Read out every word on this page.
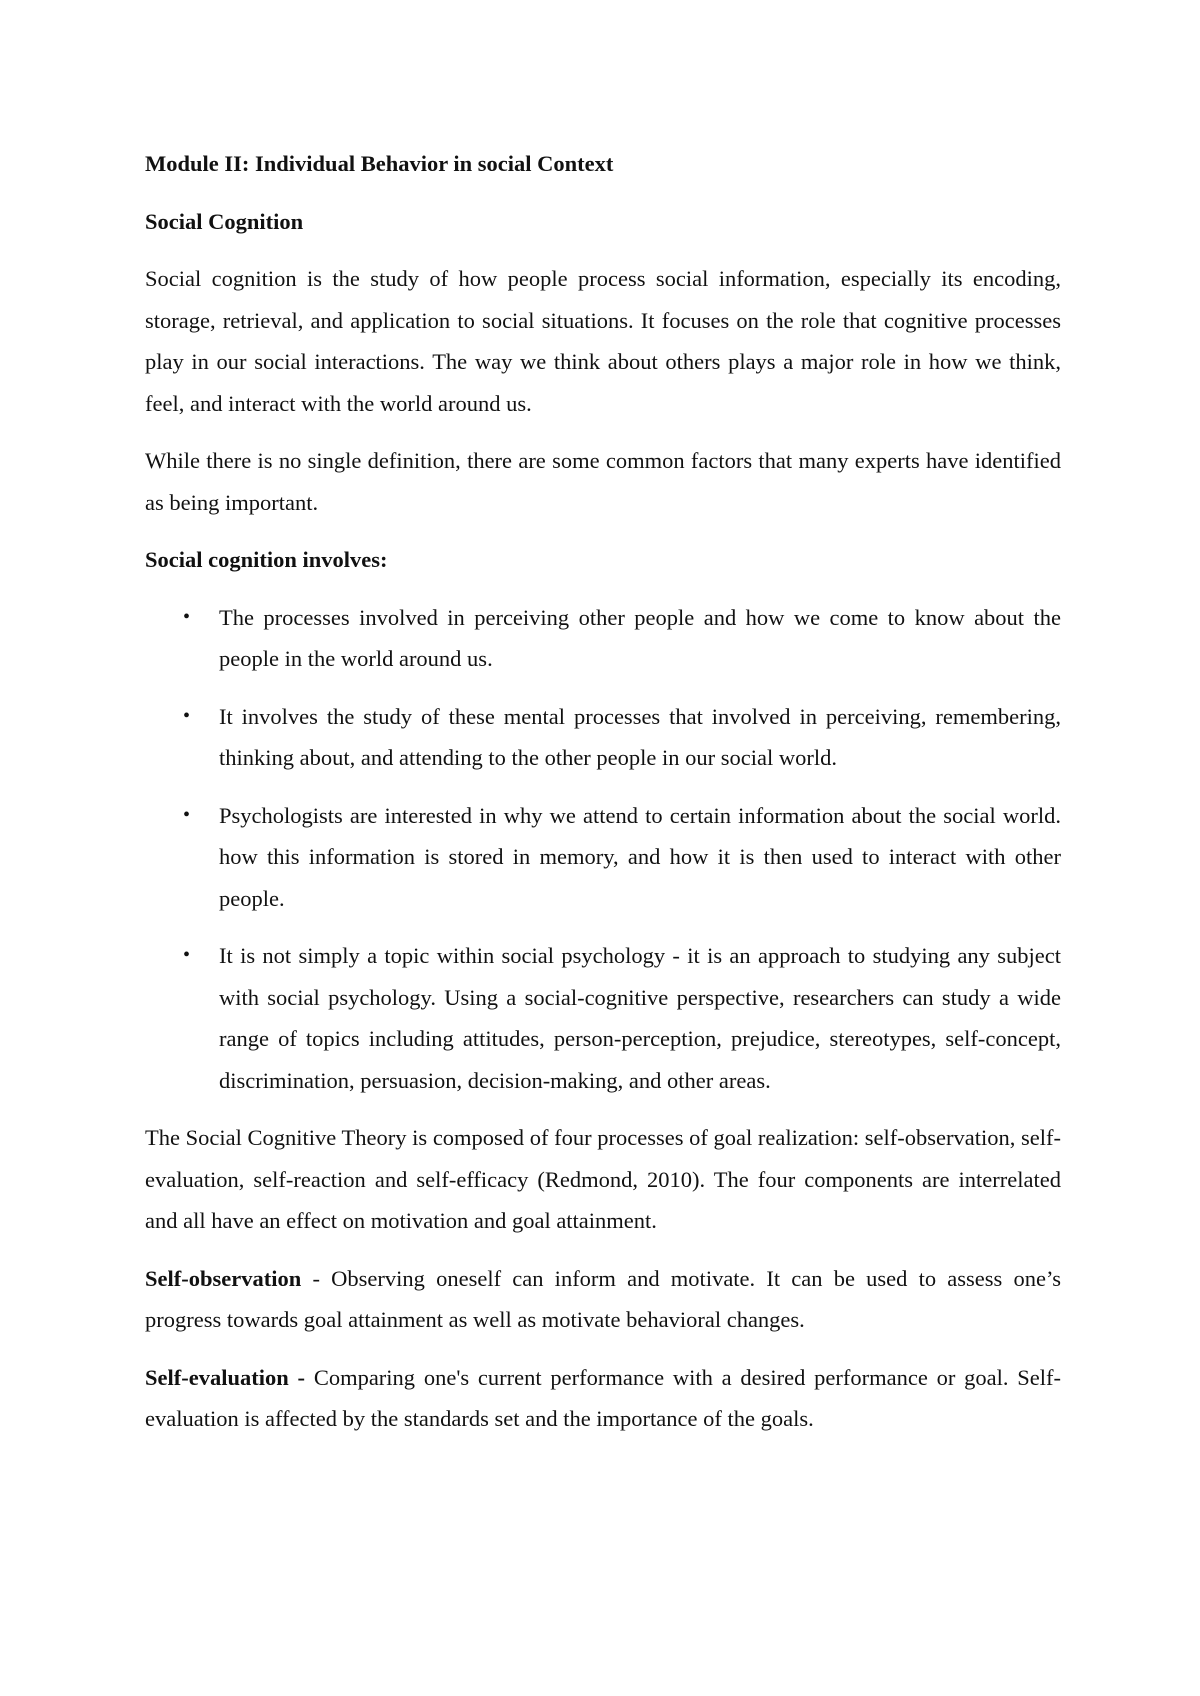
Module II: Individual Behavior in social Context

Social Cognition

Social cognition is the study of how people process social information, especially its encoding, storage, retrieval, and application to social situations. It focuses on the role that cognitive processes play in our social interactions. The way we think about others plays a major role in how we think, feel, and interact with the world around us.

While there is no single definition, there are some common factors that many experts have identified as being important.

Social cognition involves:

• The processes involved in perceiving other people and how we come to know about the people in the world around us.
• It involves the study of these mental processes that involved in perceiving, remembering, thinking about, and attending to the other people in our social world.
• Psychologists are interested in why we attend to certain information about the social world. how this information is stored in memory, and how it is then used to interact with other people.
• It is not simply a topic within social psychology - it is an approach to studying any subject with social psychology. Using a social-cognitive perspective, researchers can study a wide range of topics including attitudes, person-perception, prejudice, stereotypes, self-concept, discrimination, persuasion, decision-making, and other areas.

The Social Cognitive Theory is composed of four processes of goal realization: self-observation, self-evaluation, self-reaction and self-efficacy (Redmond, 2010). The four components are interrelated and all have an effect on motivation and goal attainment.

Self-observation - Observing oneself can inform and motivate. It can be used to assess one’s progress towards goal attainment as well as motivate behavioral changes.

Self-evaluation - Comparing one's current performance with a desired performance or goal. Self-evaluation is affected by the standards set and the importance of the goals.
